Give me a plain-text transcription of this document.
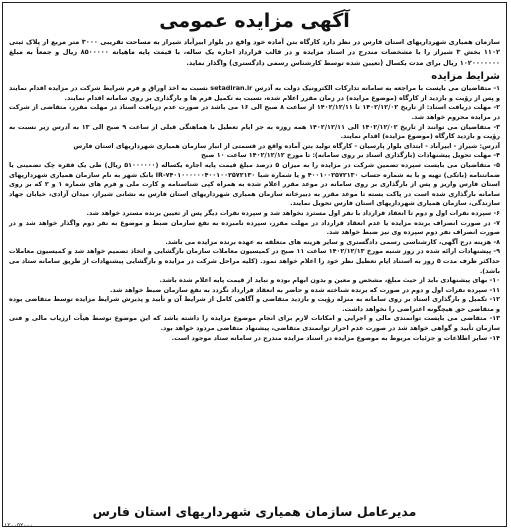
آگهی مزایده عمومی
سازمان همیاری شهرداریهای استان فارس در نظر دارد کارگاه بتن آماده خود واقع در بلوار ابیرآباد شیراز به مساحت تقریبی ۳۰۰۰ متر مربع از پلاک ثبتی ۱۱۰۲ بخش ۳ شیراز را با مشخصات مندرج در اسناد مزایده و در قالب قرارداد اجاره یک ساله، با قیمت پایه ماهیانه ۸۵۰۰۰۰۰ ریال و جمعاً به مبلغ ۱۰۲۰۰۰۰۰۰۰ ریال برای مدت یکسال (تعیین شده توسط کارشناس رسمی دادگستری) واگذار نماید.
شرایط مزایده
۱- متقاضیان می بایست با مراجعه به سامانه تدارکات الکترونیک دولت به آدرس setadiran.ir نسبت به اخذ اوراق و فرم شرایط شرکت در مزایده اقدام نمایند و پس از رؤیت و بازدید از کارگاه (موضوع مزایده) در زمان مقرر اعلام شده، نسبت به تکمیل فرم ها و بارگذاری بر روی سامانه اقدام نمایند.
۲- مهلت دریافت اسناد: از تاریخ ۱۴۰۲/۱۲/۰۲ تا ۱۴۰۲/۱۲/۱۱ از ساعت ۸ صبح الی ۱۶ می باشد در صورت عدم دریافت اسناد در مهلت مقرر، متقاضی از شرکت در مزایده محروم خواهد شد.
۳- متقاضیان می توانند از تاریخ ۱۴۰۲/۱۲/۰۲ الی ۱۴۰۲/۱۲/۱۱ همه روزه به جز ایام تعطیل با هماهنگی قبلی از ساعت ۹ صبح الی ۱۳ به آدرس زیر نسبت به رؤیت و بازدید کارگاه (موضوع مزایده) اقدام نمایند.
آدرس: شیراز - ابیرآباد - ابتدای بلوار پارسیان - کارگاه تولید بتن آماده واقع در قسمتی از انبار سازمان همیاری شهرداریهای استان فارس
۴- مهلت تحویل پیشنهادات (بارگذاری اسناد بر روی سامانه): تا مورخ ۱۴۰۲/۱۲/۱۲ ساعت ۱۰ صبح
۵- متقاضیان می بایست سپرده تضمین شرکت در مزایده را به میزان ۵ درصد مبلغ قیمت پایه اجاره یکساله (۵۱۰۰۰۰۰۰ ریال) طی یک فقره چک تضمینی یا ضمانتنامه (بانکی) تهیه و یا به شماره حساب ۴۰۰۱۰۰۲۵۷۲۱۳۰ و یا شماره شبا IR-۷۴۰۱۰۰۰۰۰۰۴۰۰۱۰۰۲۵۷۲۱۳۰ بانک شهر به نام سازمان همیاری شهرداریهای استان فارس واریز و پس از بارگذاری بر روی سامانه در موعد مقرر اعلام شده به همراه کپی شناسنامه و کارت ملی و فرم های شماره ۱ و ۲ که بر روی سامانه بارگذاری شده است در پاکت بسته تا موعد مقرر به دبیرخانه سازمان همیاری شهرداریهای استان فارس به نشانی شیراز، میدان آزادی، خیابان جهاد سازندگی، سازمان همیاری شهرداریهای استان فارس تحویل نمایند.
۶- سپرده نفرات اول و دوم تا انعقاد قرارداد با نفر اول مسترد نخواهد شد و سپرده نفرات دیگر پس از تعیین برنده مسترد خواهد شد.
۷- در صورت انصراف برنده مزایده یا عدم انعقاد قرارداد در مهلت مقرر، سپرده نامبرده به نفع سازمان ضبط و موضوع به نفر دوم واگذار خواهد شد و در صورت انصراف نفر دوم سپرده وی نیز ضبط خواهد شد.
۸- هزینه درج آگهی، کارشناسی رسمی دادگستری و سایر هزینه های متعلقه به عهده برنده مزایده می باشد.
۹- پیشنهادات ارائه شده در روز شنبه مورخ ۱۴۰۲/۱۲/۱۳ ساعت ۱۱ صبح در کمیسیون معاملات سازمان بازگشایی و اتخاذ تصمیم خواهد شد و کمیسیون معاملات حداکثر ظرف مدت ۵ روز به استناد ایام تعطیل نظر خود را اعلام خواهد نمود. (کلیه مراحل شرکت در مزایده و بازگشایی پیشنهادات از طریق سامانه ستاد می باشد).
۱۰- بهای پیشنهادی باید از حیث مبلغ، مشخص و معین و بدون ابهام بوده و نباید از قیمت پایه اعلام شده باشد.
۱۱- سپرده نفرات اول و دوم در صورت که برنده شناخته شده و حاضر به انعقاد قرارداد نگردد به نفع سازمان ضبط خواهد شد.
۱۲- تکمیل و بارگذاری اسناد بر روی سامانه به منزله رؤیت و بازدید متقاضی و آگاهی کامل از شرایط آن و تأیید و پذیرش شرایط مزایده توسط متقاضی بوده و متقاضی حق هیچگونه اعتراضی را نخواهد داشت.
۱۳- متقاضی می بایست توانمندی مالی و اجرایی و امکانات لازم برای انجام موضوع مزایده را داشته باشد که این موضوع توسط هیأت ارزیاب مالی و فنی سازمان تأیید و گواهی خواهد شد در صورت عدم احراز توانمندی متقاضی، پیشنهاد متقاضی مردود خواهد بود.
۱۴- سایر اطلاعات و جزئیات مربوط به موضوع مزایده در اسناد مزایده مندرج در سامانه ستاد موجود است.
مدیرعامل سازمان همیاری شهرداریهای استان فارس
۱۲۰۰۵۲۰۰۰
